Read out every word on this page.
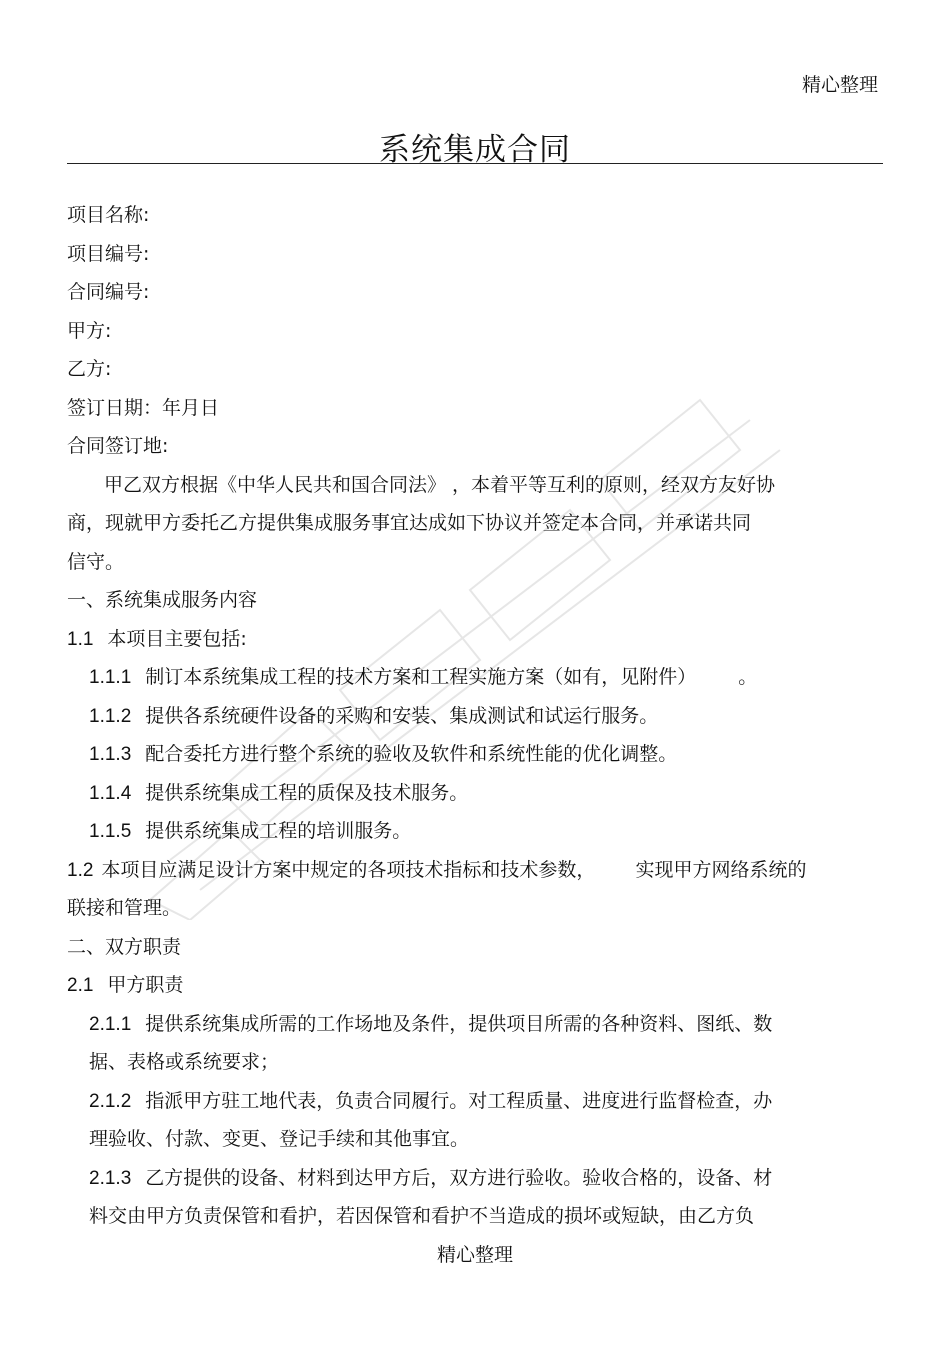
精心整理
系统集成合同
项目名称:
项目编号:
合同编号:
甲方:
乙方:
签订日期：年月日
合同签订地:
甲乙双方根据《中华人民共和国合同法》 ，本着平等互利的原则，经双方友好协
商，现就甲方委托乙方提供集成服务事宜达成如下协议并签定本合同，并承诺共同
信守。
一、系统集成服务内容
1.1 本项目主要包括:
1.1.1 制订本系统集成工程的技术方案和工程实施方案（如有，见附件） 。
1.1.2 提供各系统硬件设备的采购和安装、集成测试和试运行服务。
1.1.3 配合委托方进行整个系统的验收及软件和系统性能的优化调整。
1.1.4 提供系统集成工程的质保及技术服务。
1.1.5 提供系统集成工程的培训服务。
1.2 本项目应满足设计方案中规定的各项技术指标和技术参数， 实现甲方网络系统的
联接和管理。
二、双方职责
2.1 甲方职责
2.1.1 提供系统集成所需的工作场地及条件，提供项目所需的各种资料、图纸、数
据、表格或系统要求；
2.1.2 指派甲方驻工地代表，负责合同履行。对工程质量、进度进行监督检查，办
理验收、付款、变更、登记手续和其他事宜。
2.1.3 乙方提供的设备、材料到达甲方后，双方进行验收。验收合格的，设备、材
料交由甲方负责保管和看护，若因保管和看护不当造成的损坏或短缺，由乙方负
精心整理
